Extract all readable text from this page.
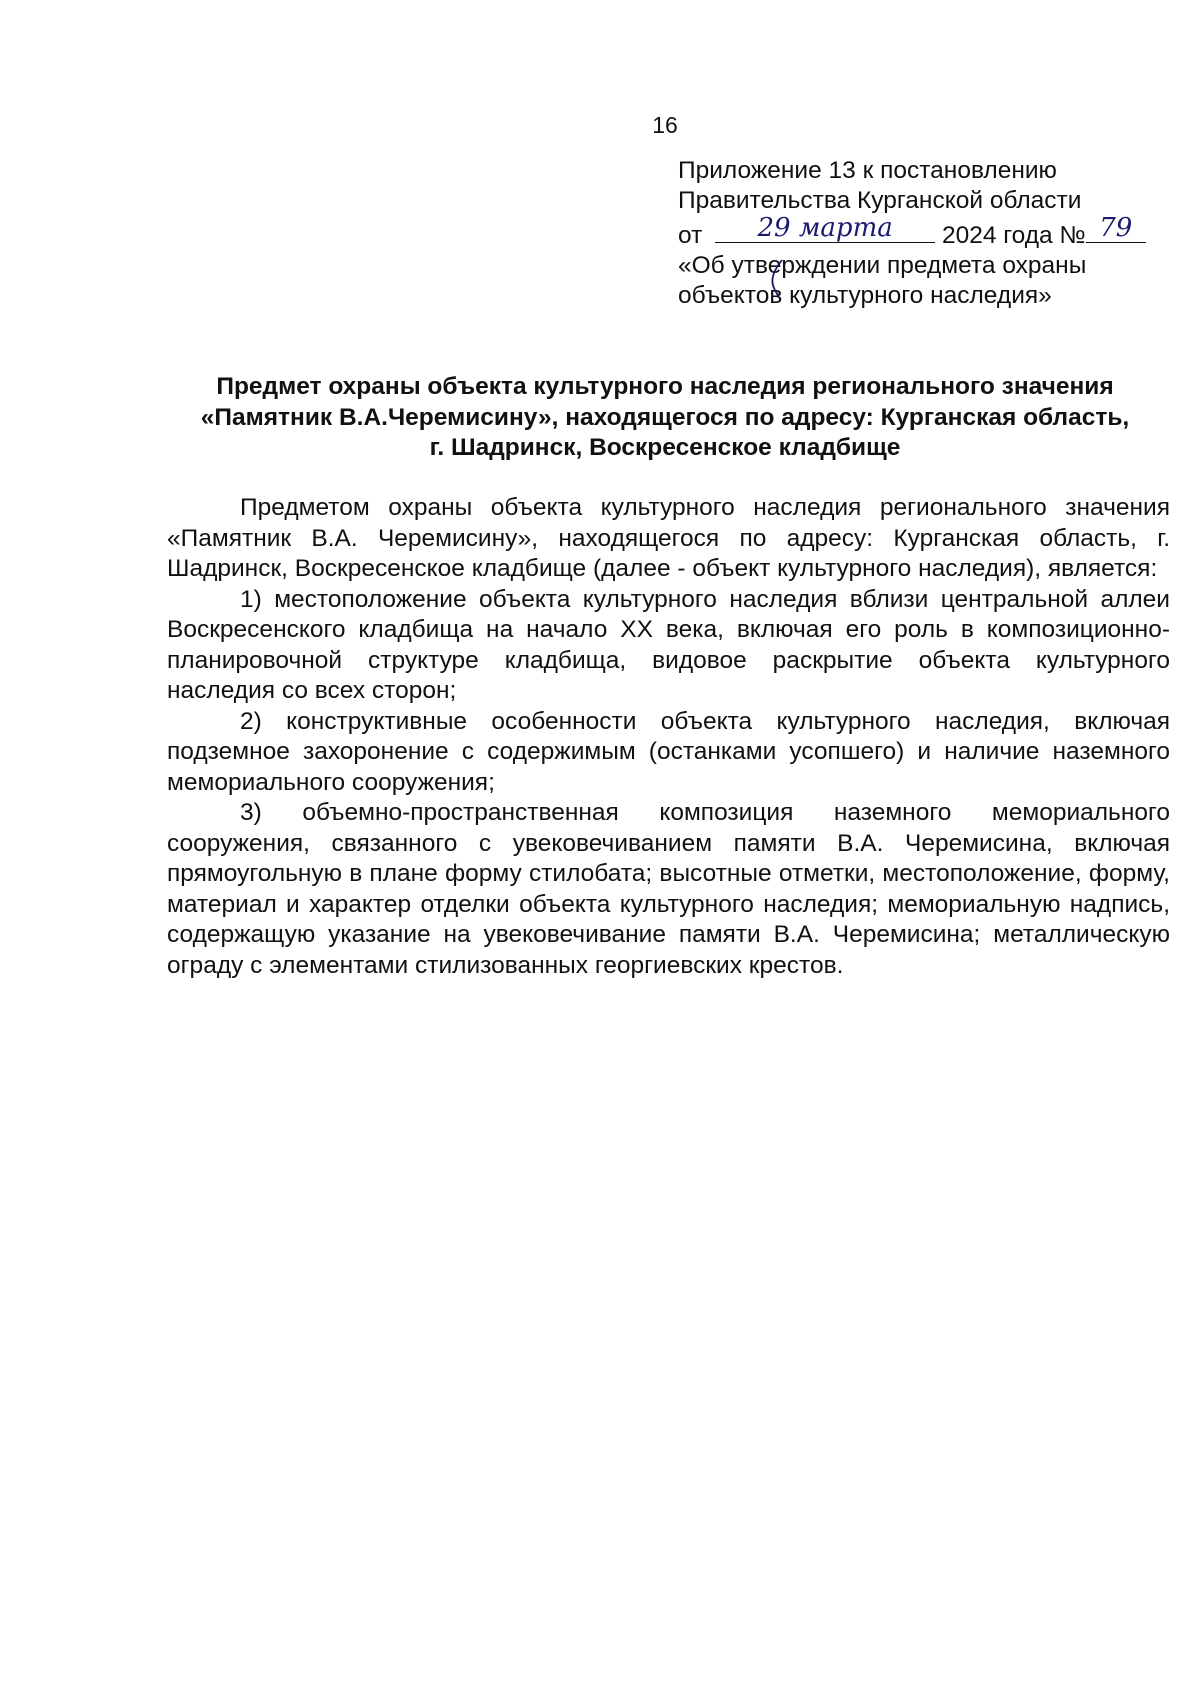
16
Приложение 13 к постановлению
Правительства Курганской области
от	29 марта	2024 года № 79
«Об утверждении предмета охраны
объектов культурного наследия»
Предмет охраны объекта культурного наследия регионального значения
«Памятник В.А.Черемисину», находящегося по адресу: Курганская область,
г. Шадринск, Воскресенское кладбище

Предметом охраны объекта культурного наследия регионального значения «Памятник В.А. Черемисину», находящегося по адресу: Курганская область, г. Шадринск, Воскресенское кладбище (далее - объект культурного наследия), является:

1) местоположение объекта культурного наследия вблизи центральной аллеи Воскресенского кладбища на начало XX века, включая его роль в композиционно-планировочной структуре кладбища, видовое раскрытие объекта культурного наследия со всех сторон;

2) конструктивные особенности объекта культурного наследия, включая подземное захоронение с содержимым (останками усопшего) и наличие наземного мемориального сооружения;

3) объемно-пространственная композиция наземного мемориального сооружения, связанного с увековечиванием памяти В.А. Черемисина, включая прямоугольную в плане форму стилобата; высотные отметки, местоположение, форму, материал и характер отделки объекта культурного наследия; мемориальную надпись, содержащую указание на увековечивание памяти В.А. Черемисина; металлическую ограду с элементами стилизованных георгиевских крестов.
